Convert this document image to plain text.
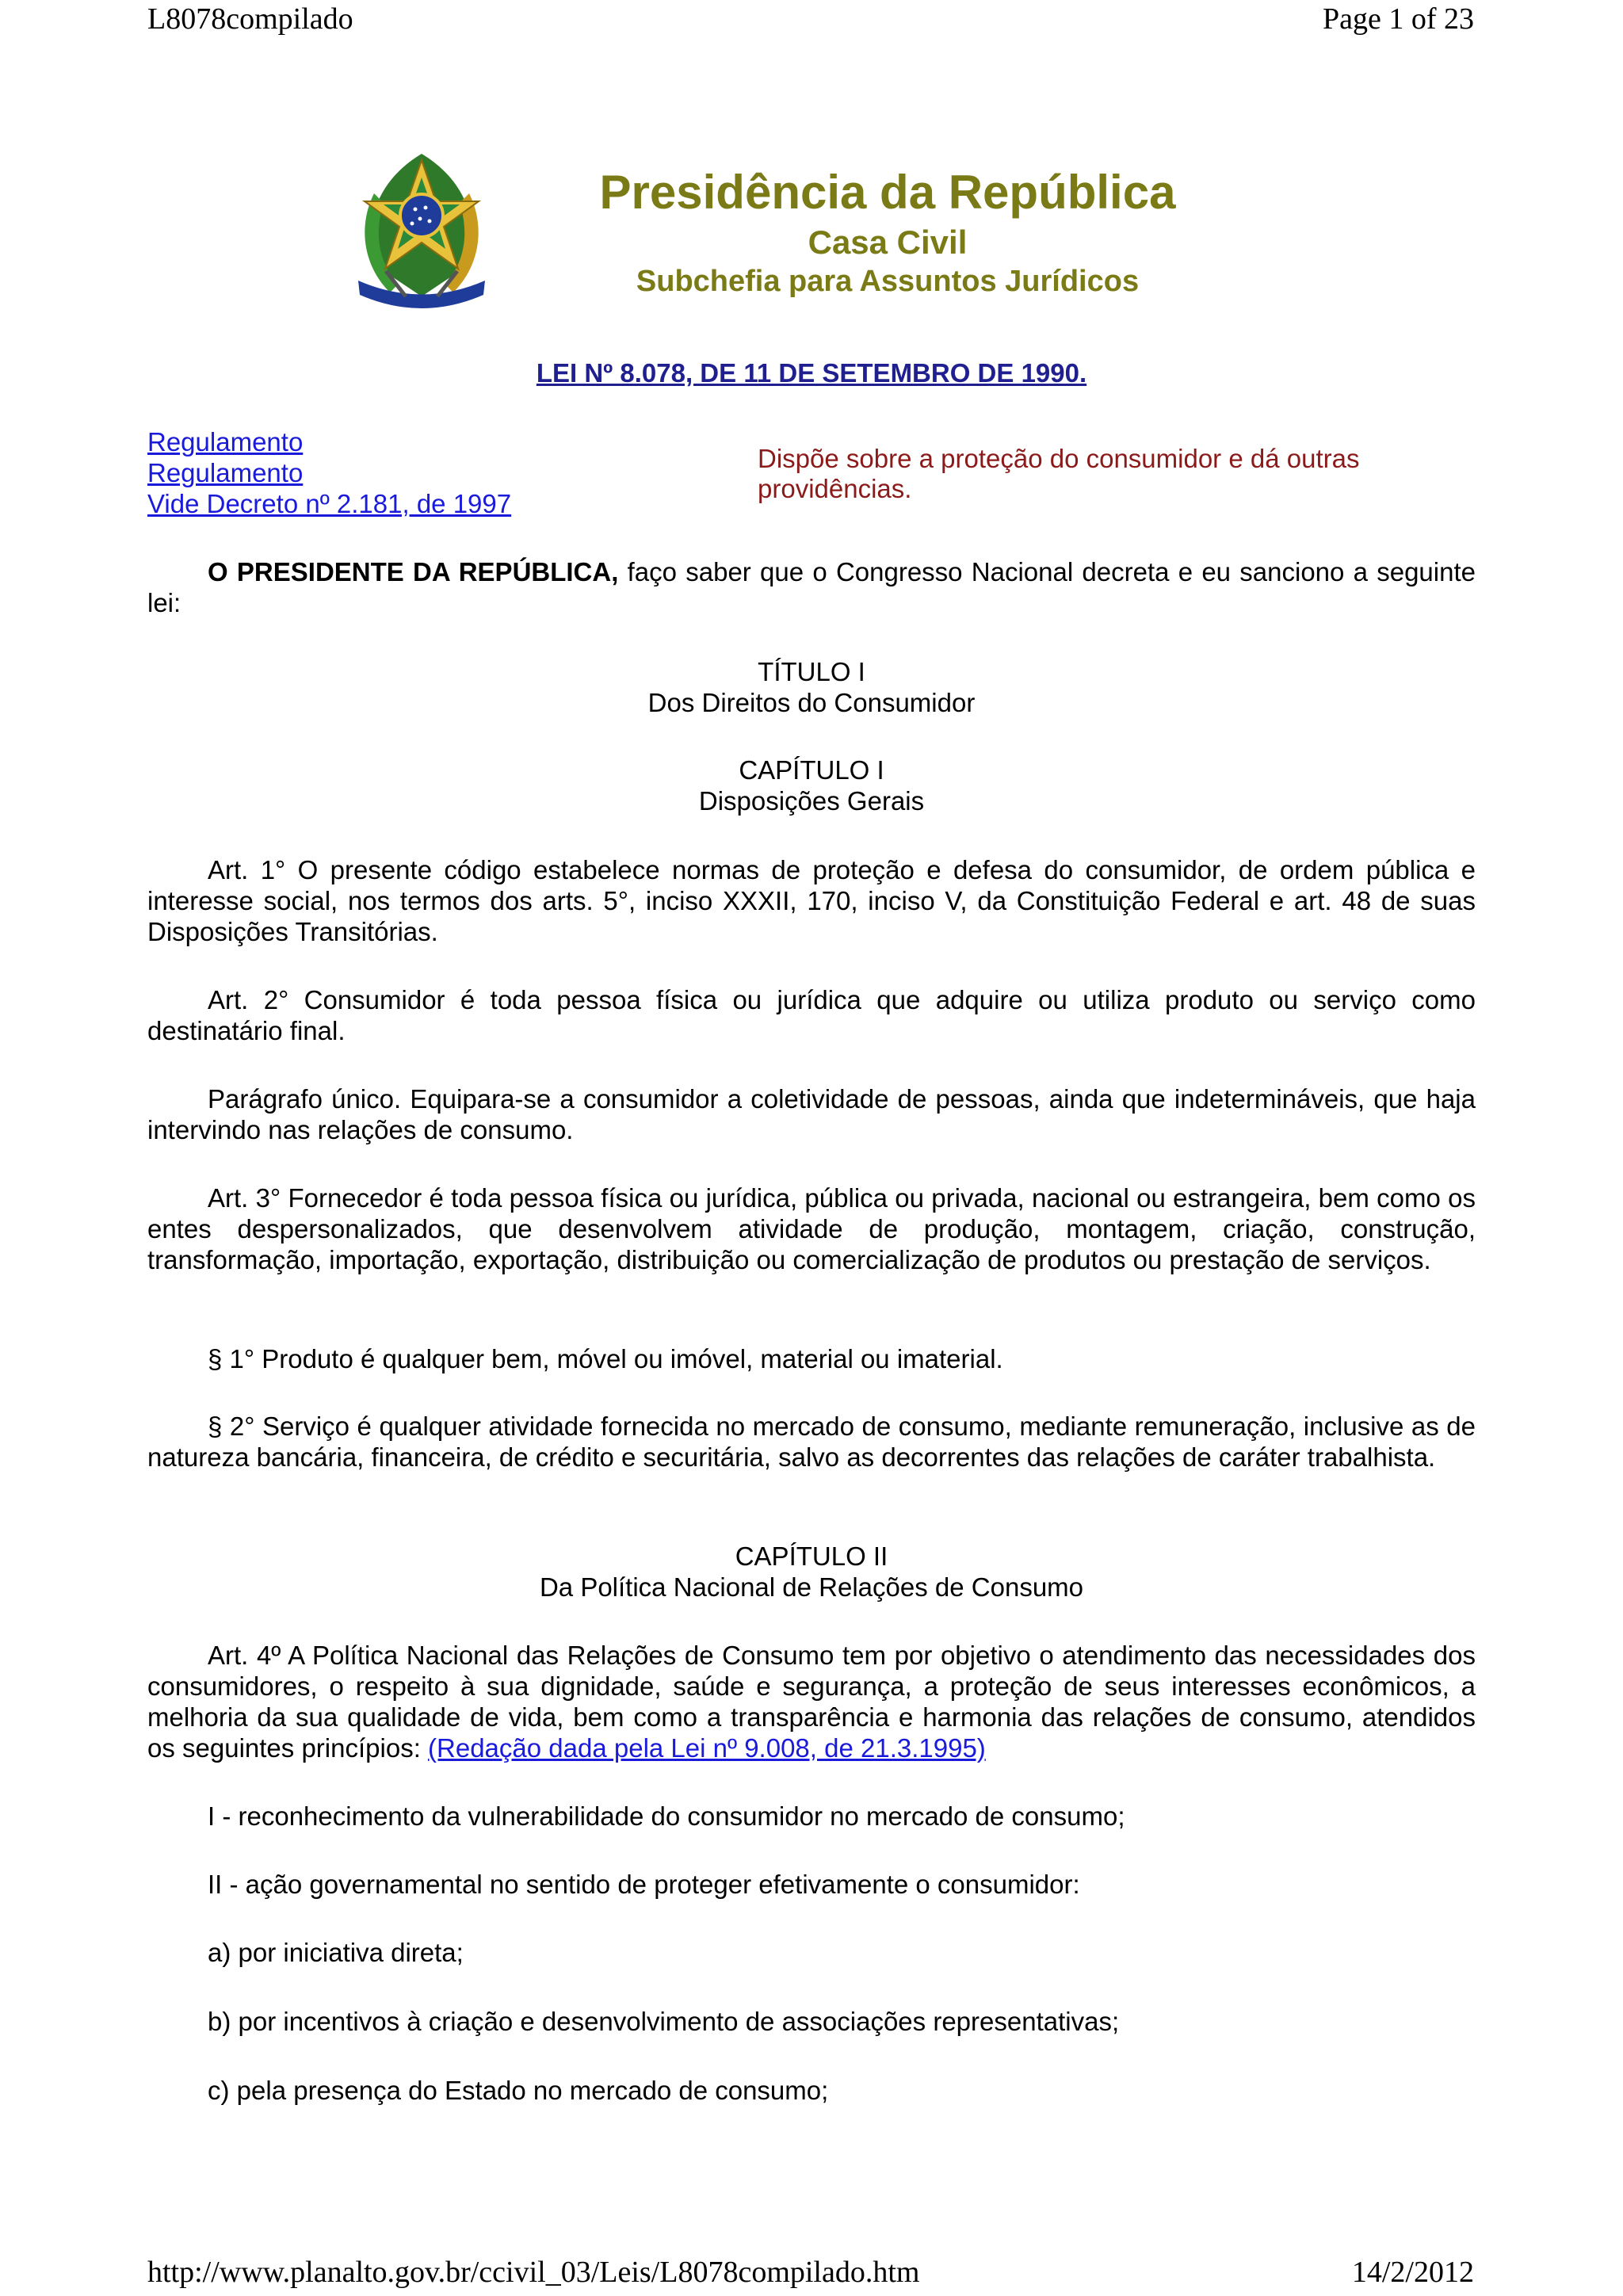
L8078compilado	Page 1 of 23
Presidência da República
Casa Civil
Subchefia para Assuntos Jurídicos
LEI Nº 8.078, DE 11 DE SETEMBRO DE 1990.
Regulamento
Regulamento
Vide Decreto nº 2.181, de 1997
Dispõe sobre a proteção do consumidor e dá outras providências.

O PRESIDENTE DA REPÚBLICA, faço saber que o Congresso Nacional decreta e eu sanciono a seguinte lei:

TÍTULO I
Dos Direitos do Consumidor
CAPÍTULO I
Disposições Gerais

Art. 1° O presente código estabelece normas de proteção e defesa do consumidor, de ordem pública e interesse social, nos termos dos arts. 5°, inciso XXXII, 170, inciso V, da Constituição Federal e art. 48 de suas Disposições Transitórias.

Art. 2° Consumidor é toda pessoa física ou jurídica que adquire ou utiliza produto ou serviço como destinatário final.

Parágrafo único. Equipara-se a consumidor a coletividade de pessoas, ainda que indetermináveis, que haja intervindo nas relações de consumo.

Art. 3° Fornecedor é toda pessoa física ou jurídica, pública ou privada, nacional ou estrangeira, bem como os entes despersonalizados, que desenvolvem atividade de produção, montagem, criação, construção, transformação, importação, exportação, distribuição ou comercialização de produtos ou prestação de serviços.

§ 1° Produto é qualquer bem, móvel ou imóvel, material ou imaterial.

§ 2° Serviço é qualquer atividade fornecida no mercado de consumo, mediante remuneração, inclusive as de natureza bancária, financeira, de crédito e securitária, salvo as decorrentes das relações de caráter trabalhista.

CAPÍTULO II
Da Política Nacional de Relações de Consumo

Art. 4º A Política Nacional das Relações de Consumo tem por objetivo o atendimento das necessidades dos consumidores, o respeito à sua dignidade, saúde e segurança, a proteção de seus interesses econômicos, a melhoria da sua qualidade de vida, bem como a transparência e harmonia das relações de consumo, atendidos os seguintes princípios: (Redação dada pela Lei nº 9.008, de 21.3.1995)

I - reconhecimento da vulnerabilidade do consumidor no mercado de consumo;

II - ação governamental no sentido de proteger efetivamente o consumidor:

a) por iniciativa direta;

b) por incentivos à criação e desenvolvimento de associações representativas;

c) pela presença do Estado no mercado de consumo;

http://www.planalto.gov.br/ccivil_03/Leis/L8078compilado.htm	14/2/2012
